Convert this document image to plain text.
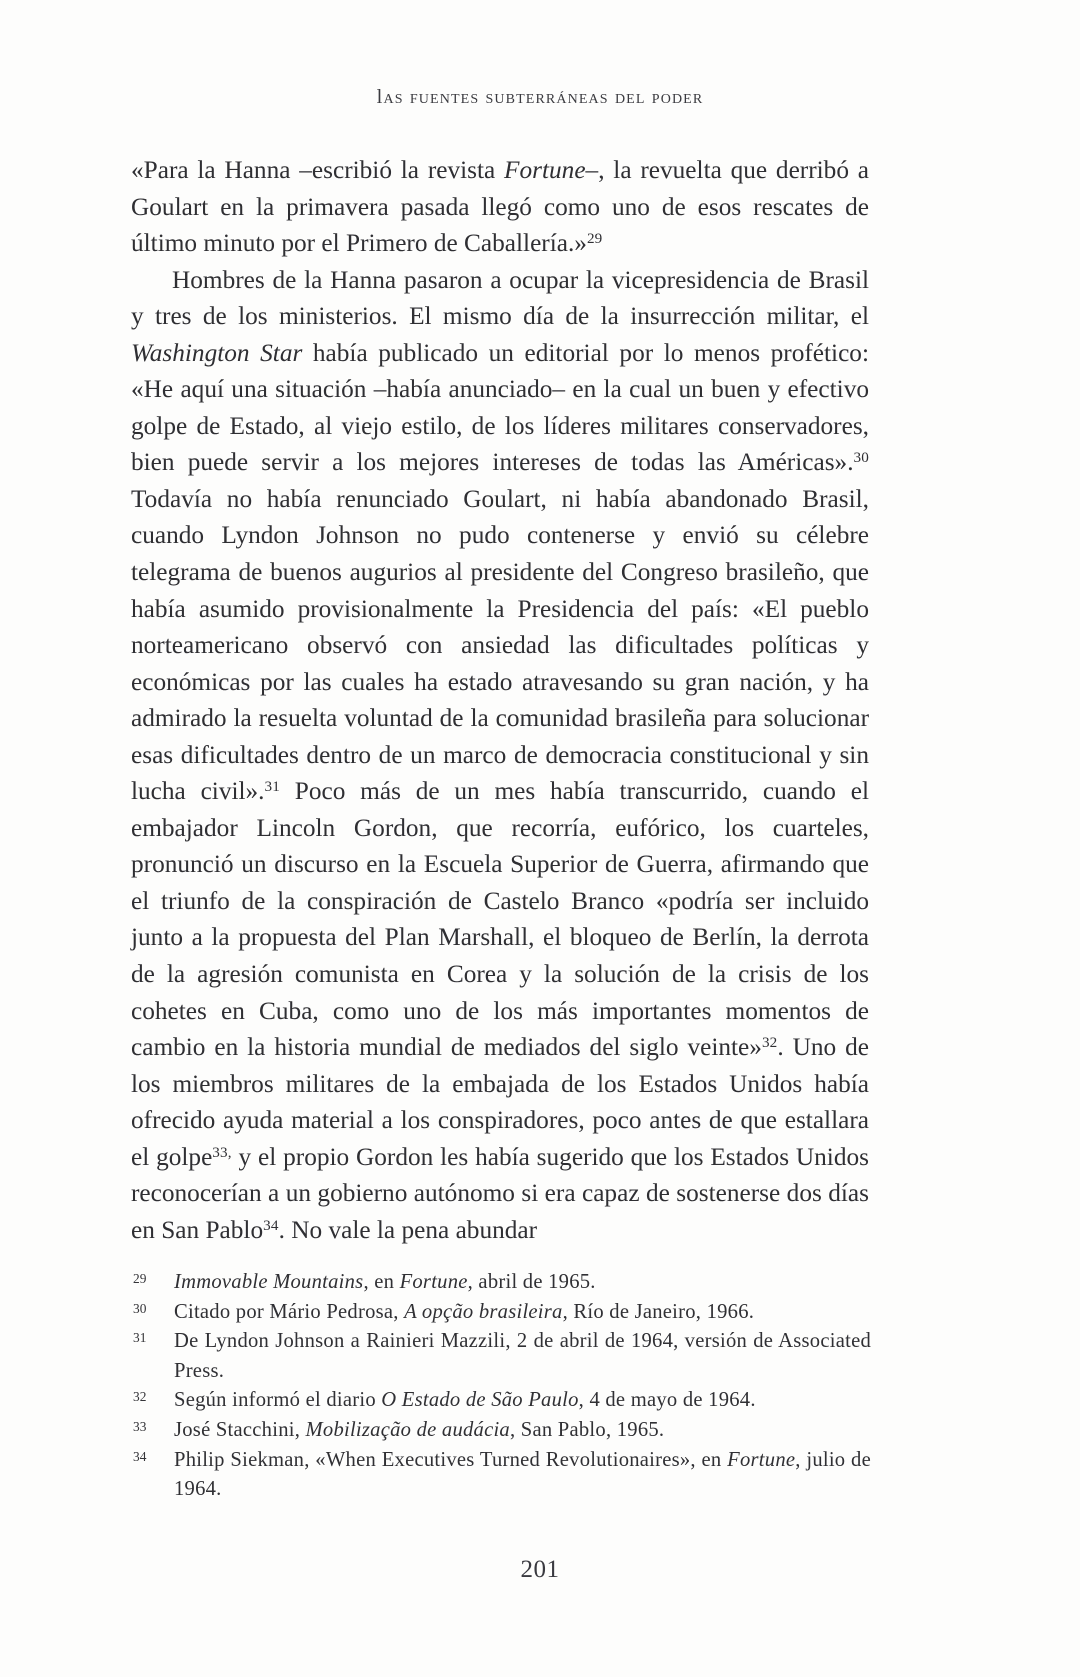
las fuentes subterráneas del poder

«Para la Hanna –escribió la revista Fortune–, la revuelta que derribó a Goulart en la primavera pasada llegó como uno de esos rescates de último minuto por el Primero de Caballería.»$^{29}$

Hombres de la Hanna pasaron a ocupar la vicepresidencia de Brasil y tres de los ministerios. El mismo día de la insurrección militar, el Washington Star había publicado un editorial por lo menos profético: «He aquí una situación –había anunciado– en la cual un buen y efectivo golpe de Estado, al viejo estilo, de los líderes militares conservadores, bien puede servir a los mejores intereses de todas las Américas».$^{30}$ Todavía no había renunciado Goulart, ni había abandonado Brasil, cuando Lyndon Johnson no pudo contenerse y envió su célebre telegrama de buenos augurios al presidente del Congreso brasileño, que había asumido provisionalmente la Presidencia del país: «El pueblo norteamericano observó con ansiedad las dificultades políticas y económicas por las cuales ha estado atravesando su gran nación, y ha admirado la resuelta voluntad de la comunidad brasileña para solucionar esas dificultades dentro de un marco de democracia constitucional y sin lucha civil».$^{31}$ Poco más de un mes había transcurrido, cuando el embajador Lincoln Gordon, que recorría, eufórico, los cuarteles, pronunció un discurso en la Escuela Superior de Guerra, afirmando que el triunfo de la conspiración de Castelo Branco «podría ser incluido junto a la propuesta del Plan Marshall, el bloqueo de Berlín, la derrota de la agresión comunista en Corea y la solución de la crisis de los cohetes en Cuba, como uno de los más importantes momentos de cambio en la historia mundial de mediados del siglo veinte»$^{32}$. Uno de los miembros militares de la embajada de los Estados Unidos había ofrecido ayuda material a los conspiradores, poco antes de que estallara el golpe$^{33,}$ y el propio Gordon les había sugerido que los Estados Unidos reconocerían a un gobierno autónomo si era capaz de sostenerse dos días en San Pablo$^{34}$. No vale la pena abundar

29 Immovable Mountains, en Fortune, abril de 1965.
30 Citado por Mário Pedrosa, A opção brasileira, Río de Janeiro, 1966.
31 De Lyndon Johnson a Rainieri Mazzili, 2 de abril de 1964, versión de Associated Press.
32 Según informó el diario O Estado de São Paulo, 4 de mayo de 1964.
33 José Stacchini, Mobilização de audácia, San Pablo, 1965.
34 Philip Siekman, «When Executives Turned Revolutionaires», en Fortune, julio de 1964.
201
